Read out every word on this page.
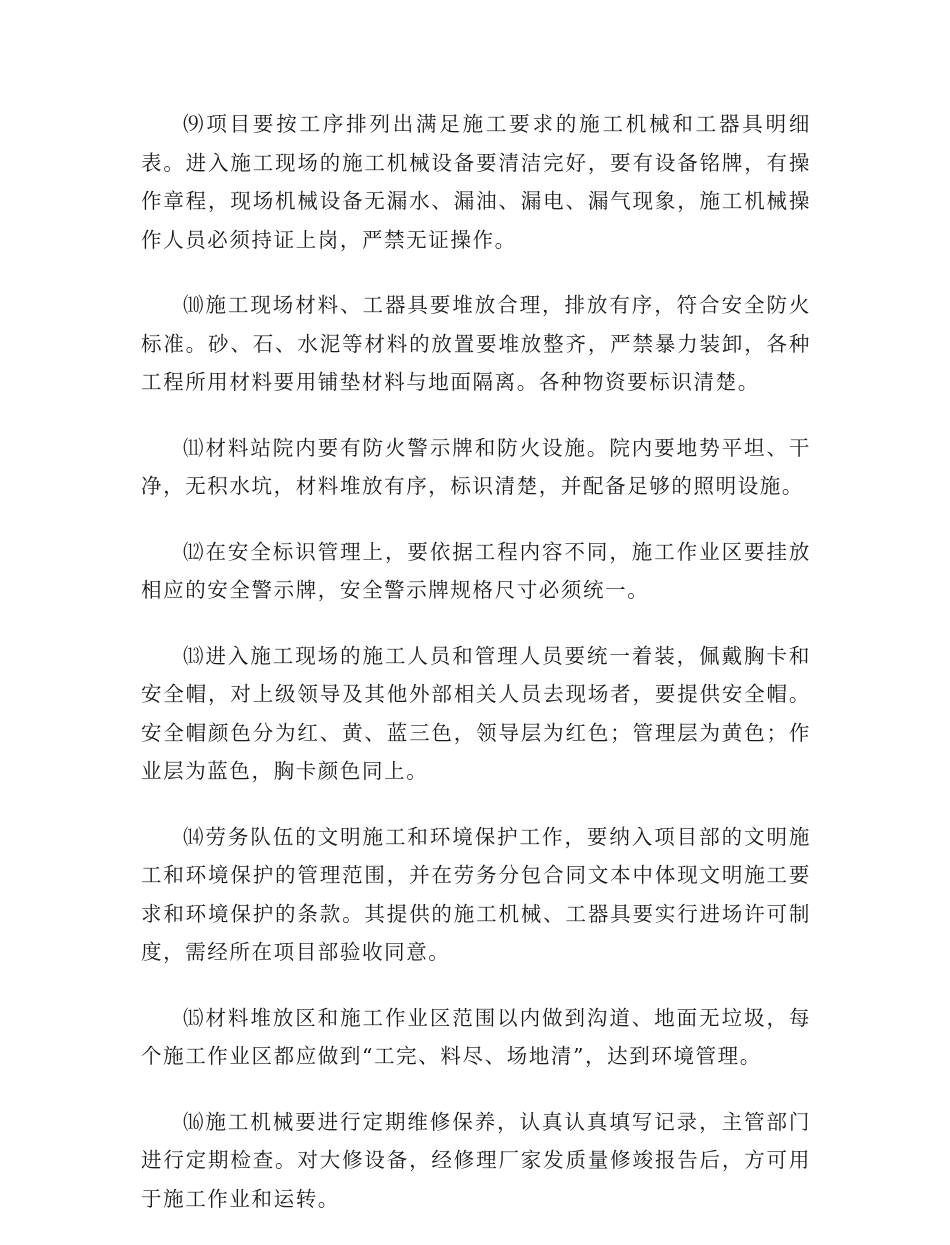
⑼项目要按工序排列出满足施工要求的施工机械和工器具明细表。进入施工现场的施工机械设备要清洁完好，要有设备铭牌，有操作章程，现场机械设备无漏水、漏油、漏电、漏气现象，施工机械操作人员必须持证上岗，严禁无证操作。

⑽施工现场材料、工器具要堆放合理，排放有序，符合安全防火标准。砂、石、水泥等材料的放置要堆放整齐，严禁暴力装卸，各种工程所用材料要用铺垫材料与地面隔离。各种物资要标识清楚。

⑾材料站院内要有防火警示牌和防火设施。院内要地势平坦、干净，无积水坑，材料堆放有序，标识清楚，并配备足够的照明设施。

⑿在安全标识管理上，要依据工程内容不同，施工作业区要挂放相应的安全警示牌，安全警示牌规格尺寸必须统一。

⒀进入施工现场的施工人员和管理人员要统一着装，佩戴胸卡和安全帽，对上级领导及其他外部相关人员去现场者，要提供安全帽。安全帽颜色分为红、黄、蓝三色，领导层为红色；管理层为黄色；作业层为蓝色，胸卡颜色同上。

⒁劳务队伍的文明施工和环境保护工作，要纳入项目部的文明施工和环境保护的管理范围，并在劳务分包合同文本中体现文明施工要求和环境保护的条款。其提供的施工机械、工器具要实行进场许可制度，需经所在项目部验收同意。

⒂材料堆放区和施工作业区范围以内做到沟道、地面无垃圾，每个施工作业区都应做到“工完、料尽、场地清”，达到环境管理。

⒃施工机械要进行定期维修保养，认真认真填写记录，主管部门进行定期检查。对大修设备，经修理厂家发质量修竣报告后，方可用于施工作业和运转。
